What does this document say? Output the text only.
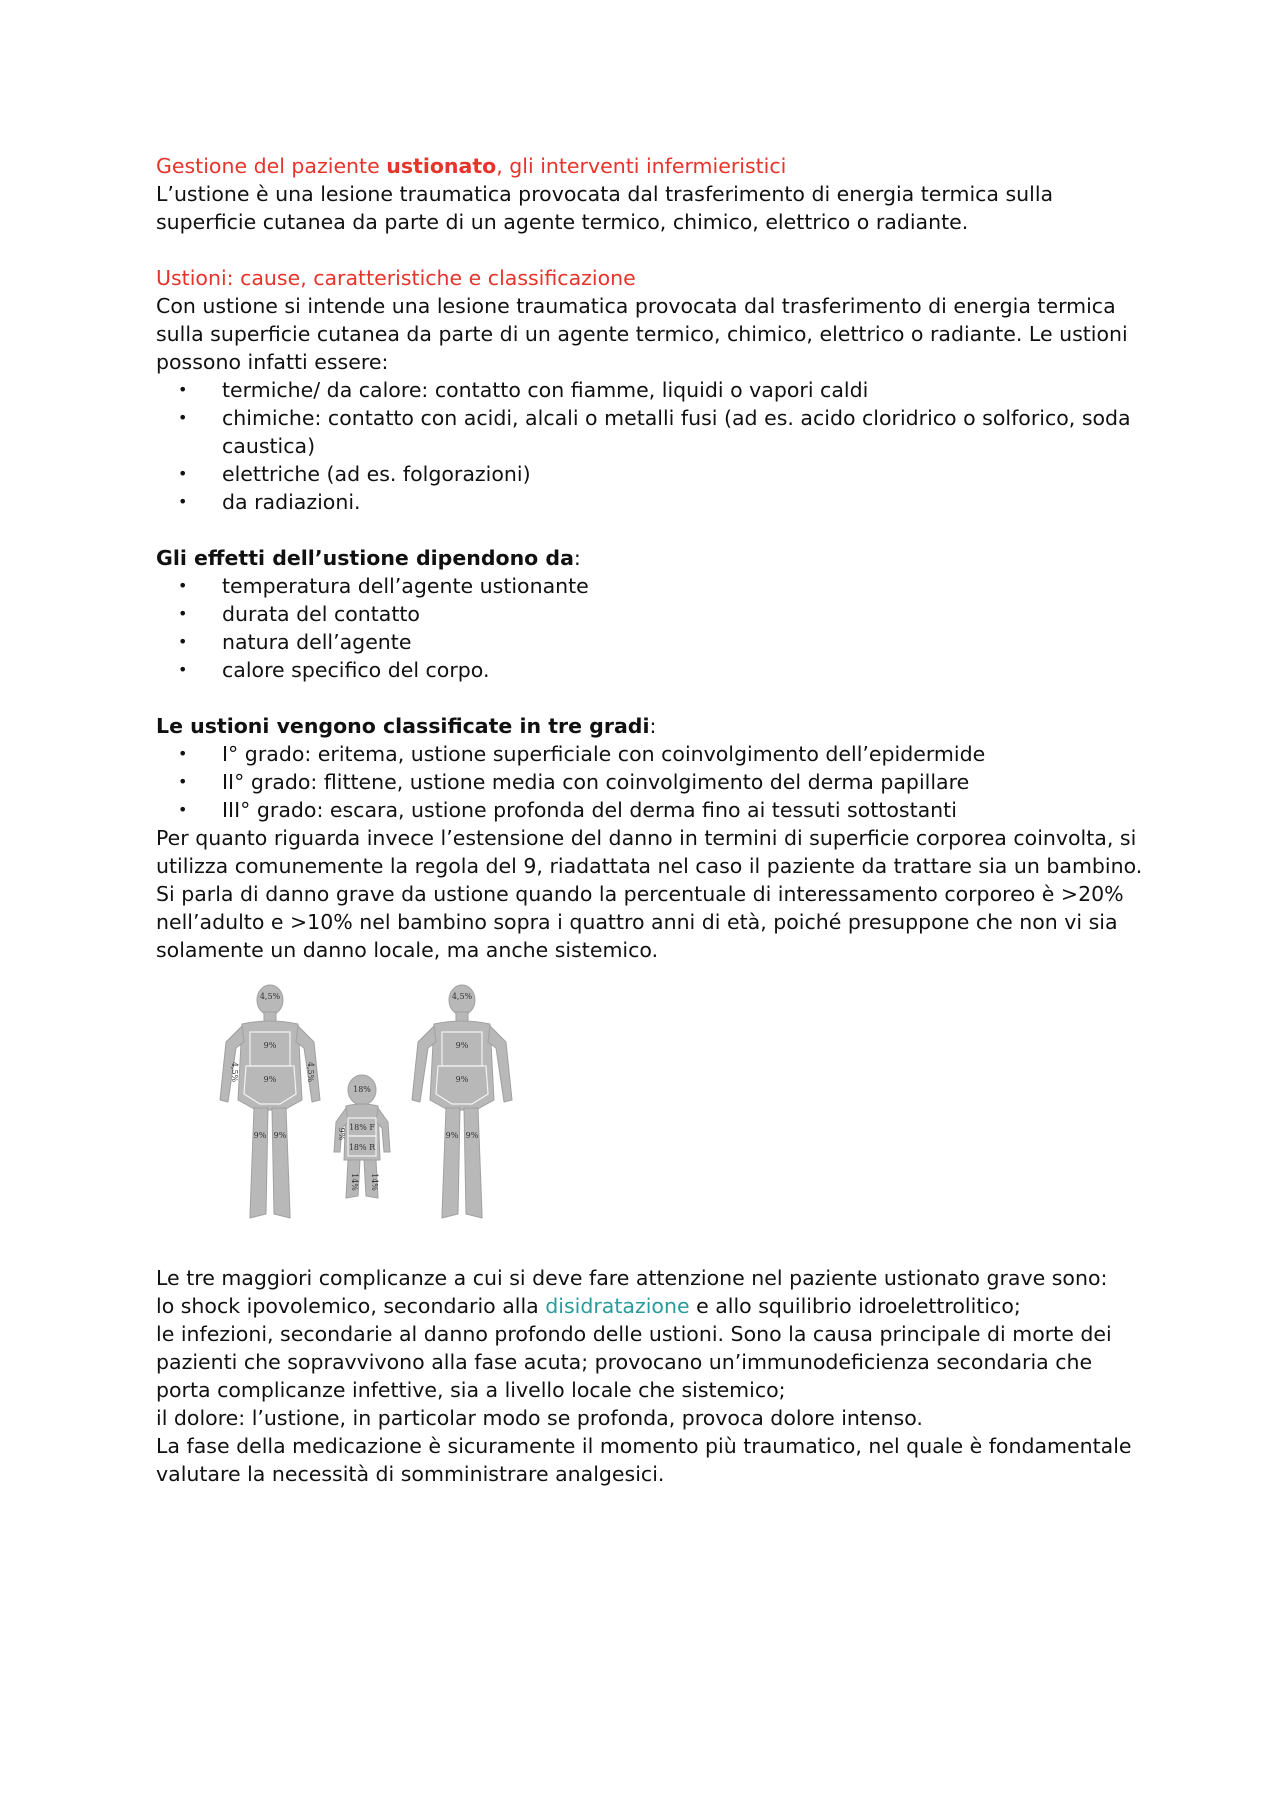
Gestione del paziente ustionato, gli interventi infermieristici

L’ustione è una lesione traumatica provocata dal trasferimento di energia termica sulla superficie cutanea da parte di un agente termico, chimico, elettrico o radiante.

Ustioni: cause, caratteristiche e classificazione

Con ustione si intende una lesione traumatica provocata dal trasferimento di energia termica sulla superficie cutanea da parte di un agente termico, chimico, elettrico o radiante. Le ustioni possono infatti essere:

• termiche/ da calore: contatto con fiamme, liquidi o vapori caldi
• chimiche: contatto con acidi, alcali o metalli fusi (ad es. acido cloridrico o solforico, soda caustica)
• elettriche (ad es. folgorazioni)
• da radiazioni.

Gli effetti dell’ustione dipendono da:

• temperatura dell’agente ustionante
• durata del contatto
• natura dell’agente
• calore specifico del corpo.

Le ustioni vengono classificate in tre gradi:

• I° grado: eritema, ustione superficiale con coinvolgimento dell’epidermide
• II° grado: flittene, ustione media con coinvolgimento del derma papillare
• III° grado: escara, ustione profonda del derma fino ai tessuti sottostanti

Per quanto riguarda invece l’estensione del danno in termini di superficie corporea coinvolta, si utilizza comunemente la regola del 9, riadattata nel caso il paziente da trattare sia un bambino.

Si parla di danno grave da ustione quando la percentuale di interessamento corporeo è >20% nell’adulto e >10% nel bambino sopra i quattro anni di età, poiché presuppone che non vi sia solamente un danno locale, ma anche sistemico.

4,5%
9%
9%
4,5%	4,5%
9% 9%
18%
18% F
18% R
9%
14% 14%
4,5%
9%
9%
9% 9%

Le tre maggiori complicanze a cui si deve fare attenzione nel paziente ustionato grave sono:

lo shock ipovolemico, secondario alla disidratazione e allo squilibrio idroelettrolitico;

le infezioni, secondarie al danno profondo delle ustioni. Sono la causa principale di morte dei pazienti che sopravvivono alla fase acuta; provocano un’immunodeficienza secondaria che porta complicanze infettive, sia a livello locale che sistemico;

il dolore: l’ustione, in particolar modo se profonda, provoca dolore intenso.

La fase della medicazione è sicuramente il momento più traumatico, nel quale è fondamentale valutare la necessità di somministrare analgesici.
